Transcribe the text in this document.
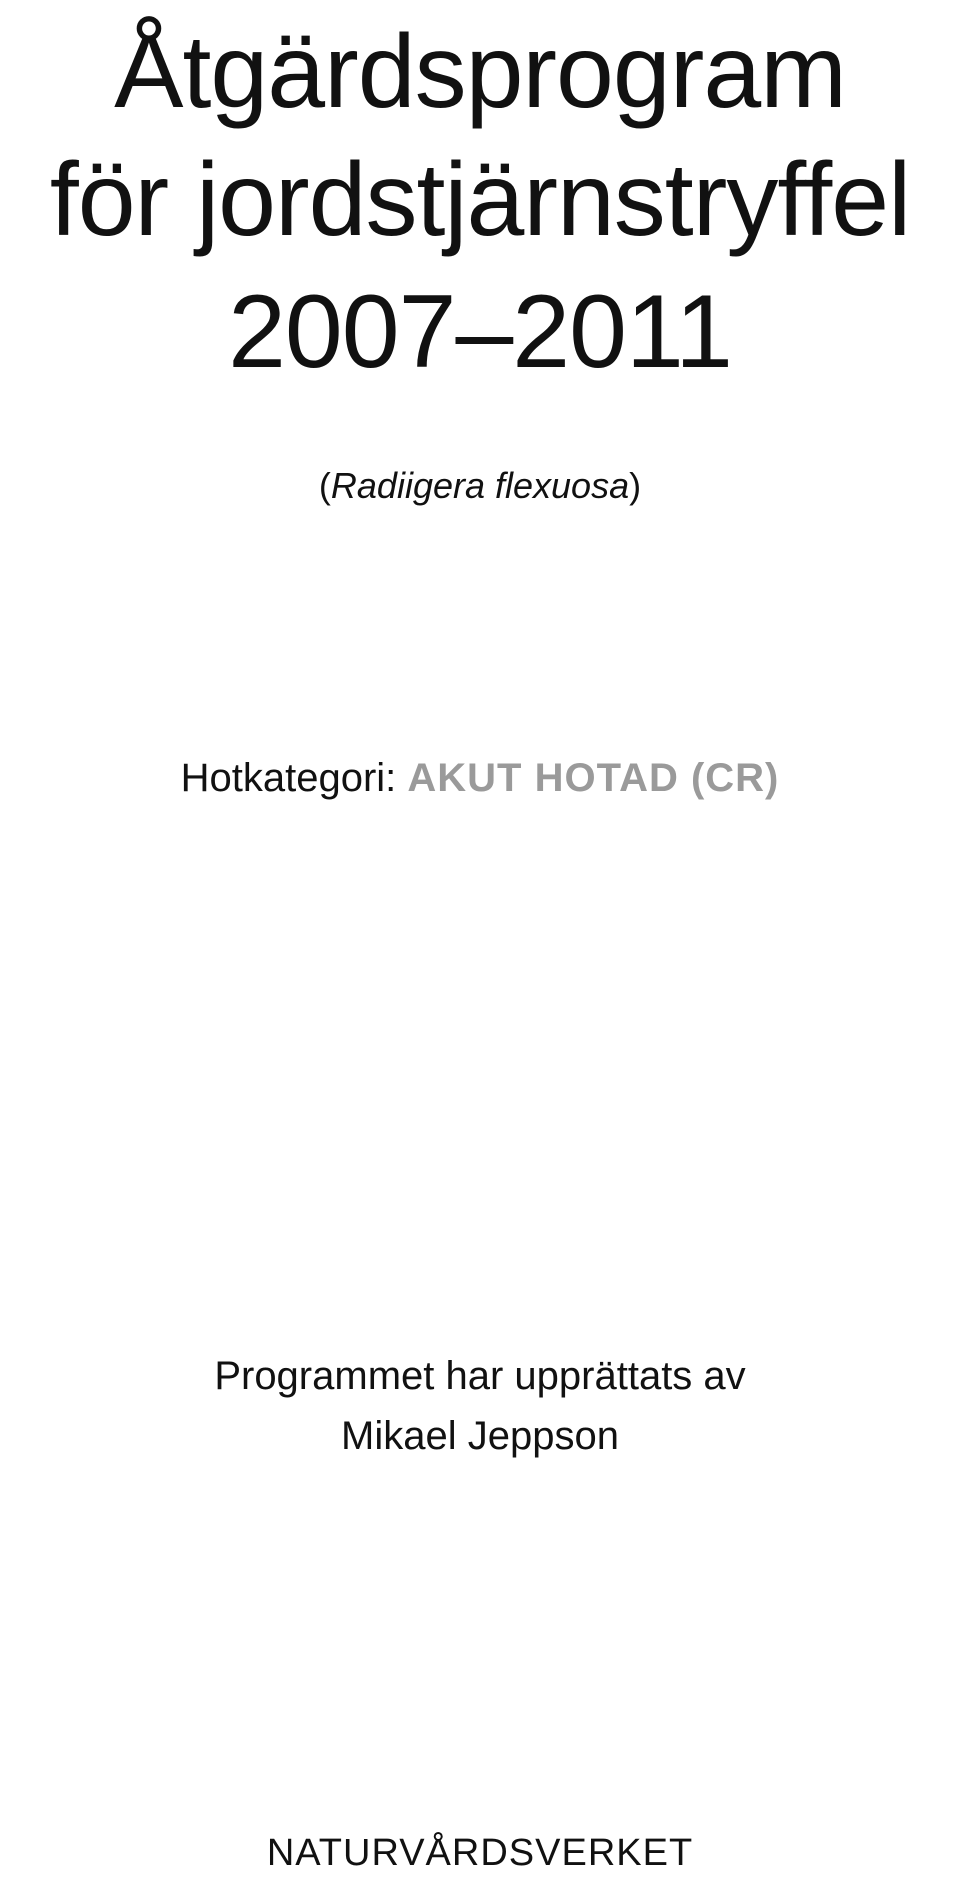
Åtgärdsprogram
för jordstjärnstryffel
2007–2011
(Radiigera flexuosa)
Hotkategori: AKUT HOTAD (CR)
Programmet har upprättats av
Mikael Jeppson
NATURVÅRDSVERKET
